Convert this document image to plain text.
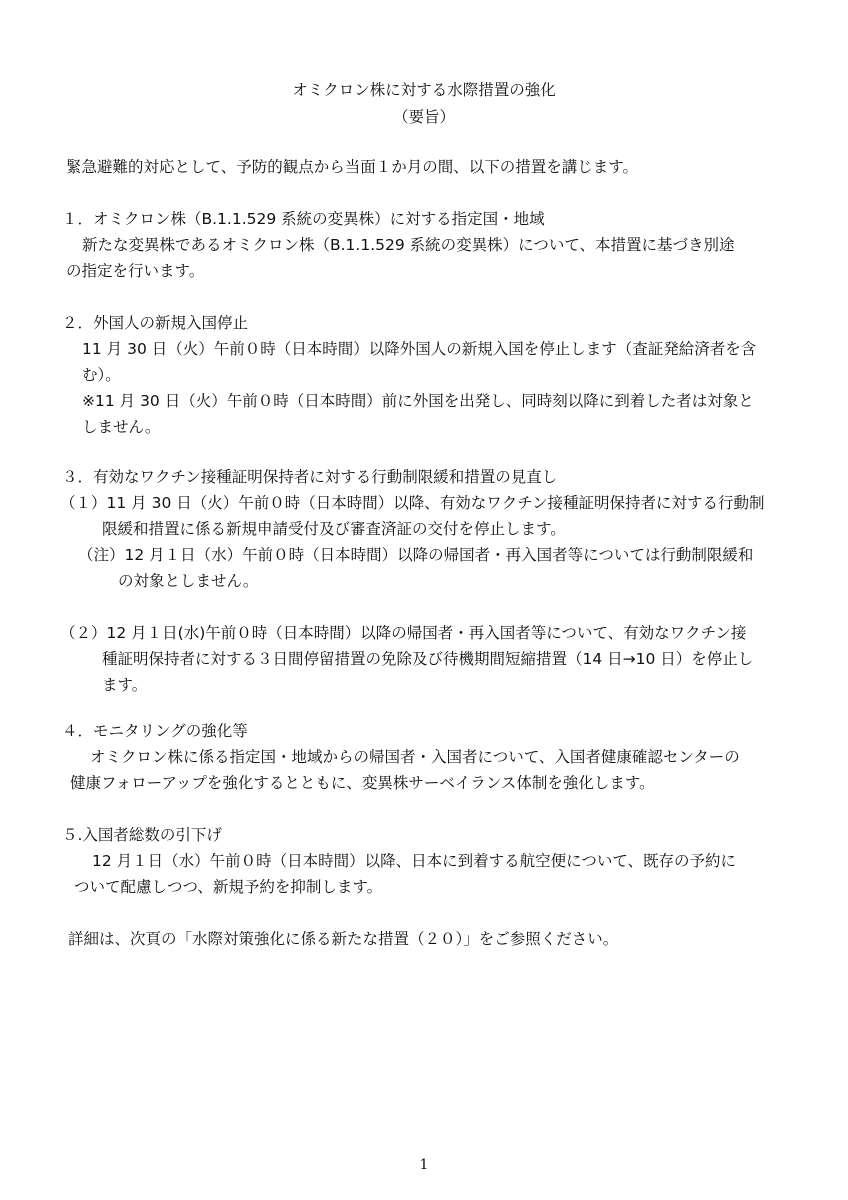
オミクロン株に対する水際措置の強化
（要旨）
緊急避難的対応として、予防的観点から当面１か月の間、以下の措置を講じます。
１．オミクロン株（B.1.1.529 系統の変異株）に対する指定国・地域
新たな変異株であるオミクロン株（B.1.1.529 系統の変異株）について、本措置に基づき別途
の指定を行います。
２．外国人の新規入国停止
11 月 30 日（火）午前０時（日本時間）以降外国人の新規入国を停止します（査証発給済者を含
む）。
※11 月 30 日（火）午前０時（日本時間）前に外国を出発し、同時刻以降に到着した者は対象と
しません。
３．有効なワクチン接種証明保持者に対する行動制限緩和措置の見直し
（１）11 月 30 日（火）午前０時（日本時間）以降、有効なワクチン接種証明保持者に対する行動制
限緩和措置に係る新規申請受付及び審査済証の交付を停止します。
（注）12 月１日（水）午前０時（日本時間）以降の帰国者・再入国者等については行動制限緩和
の対象としません。
（２）12 月１日(水)午前０時（日本時間）以降の帰国者・再入国者等について、有効なワクチン接
種証明保持者に対する３日間停留措置の免除及び待機期間短縮措置（14 日→10 日）を停止し
ます。
４．モニタリングの強化等
オミクロン株に係る指定国・地域からの帰国者・入国者について、入国者健康確認センターの
健康フォローアップを強化するとともに、変異株サーベイランス体制を強化します。
５.入国者総数の引下げ
12 月１日（水）午前０時（日本時間）以降、日本に到着する航空便について、既存の予約に
ついて配慮しつつ、新規予約を抑制します。
詳細は、次頁の「水際対策強化に係る新たな措置（２０）」をご参照ください。
1
